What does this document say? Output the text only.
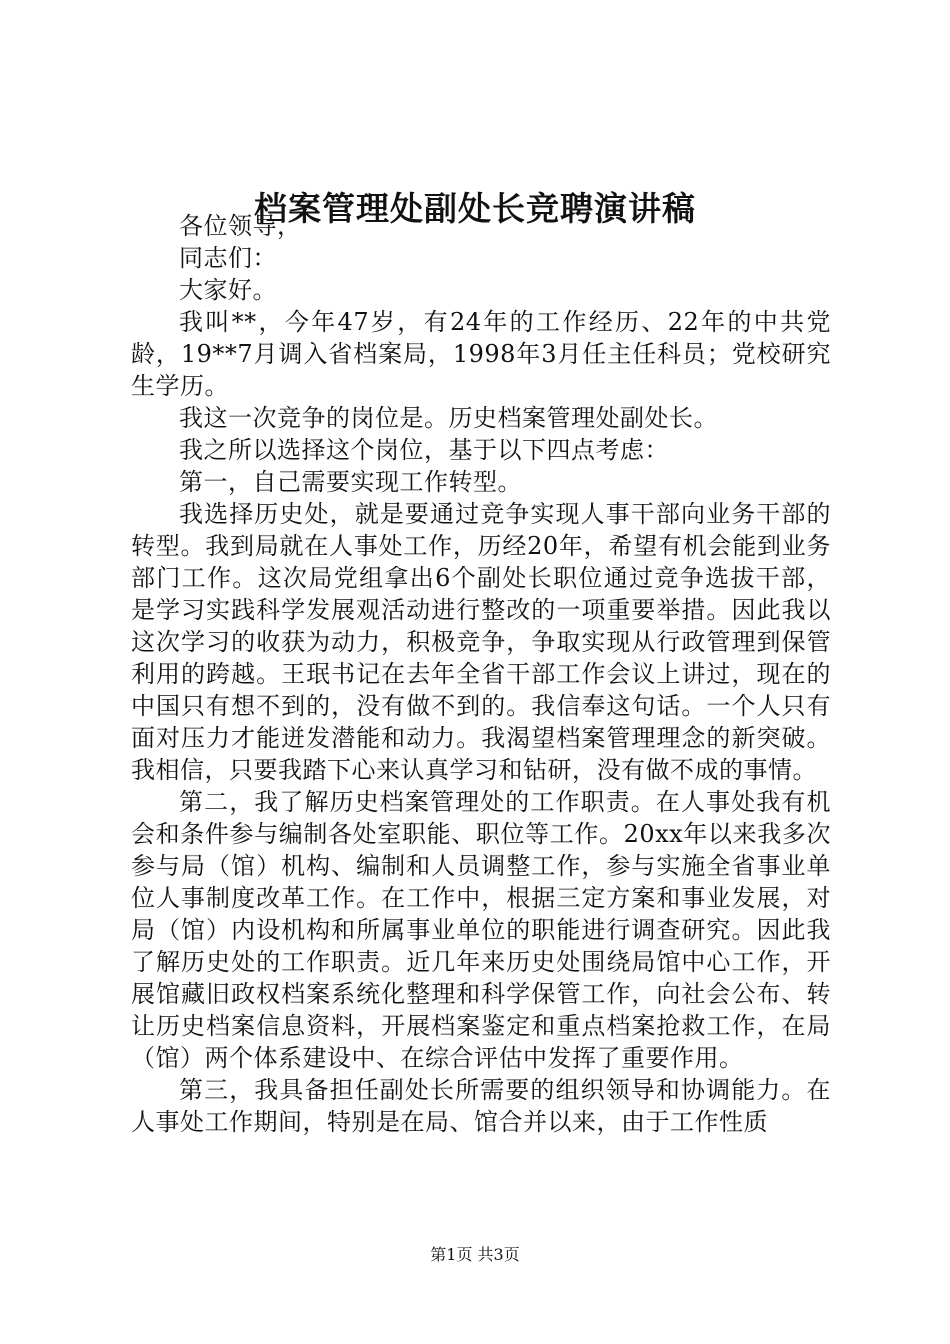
档案管理处副处长竞聘演讲稿

各位领导，

同志们：

大家好。

我叫**，今年47岁，有24年的工作经历、22年的中共党龄，19**7月调入省档案局，1998年3月任主任科员；党校研究生学历。

我这一次竞争的岗位是。历史档案管理处副处长。

我之所以选择这个岗位，基于以下四点考虑：

第一，自己需要实现工作转型。

我选择历史处，就是要通过竞争实现人事干部向业务干部的转型。我到局就在人事处工作，历经20年，希望有机会能到业务部门工作。这次局党组拿出6个副处长职位通过竞争选拔干部，是学习实践科学发展观活动进行整改的一项重要举措。因此我以这次学习的收获为动力，积极竞争，争取实现从行政管理到保管利用的跨越。王珉书记在去年全省干部工作会议上讲过，现在的中国只有想不到的，没有做不到的。我信奉这句话。一个人只有面对压力才能迸发潜能和动力。我渴望档案管理理念的新突破。我相信，只要我踏下心来认真学习和钻研，没有做不成的事情。

第二，我了解历史档案管理处的工作职责。在人事处我有机会和条件参与编制各处室职能、职位等工作。20xx年以来我多次参与局（馆）机构、编制和人员调整工作，参与实施全省事业单位人事制度改革工作。在工作中，根据三定方案和事业发展，对局（馆）内设机构和所属事业单位的职能进行调查研究。因此我了解历史处的工作职责。近几年来历史处围绕局馆中心工作，开展馆藏旧政权档案系统化整理和科学保管工作，向社会公布、转让历史档案信息资料，开展档案鉴定和重点档案抢救工作，在局（馆）两个体系建设中、在综合评估中发挥了重要作用。

第三，我具备担任副处长所需要的组织领导和协调能力。在人事处工作期间，特别是在局、馆合并以来，由于工作性质

第1页 共3页
